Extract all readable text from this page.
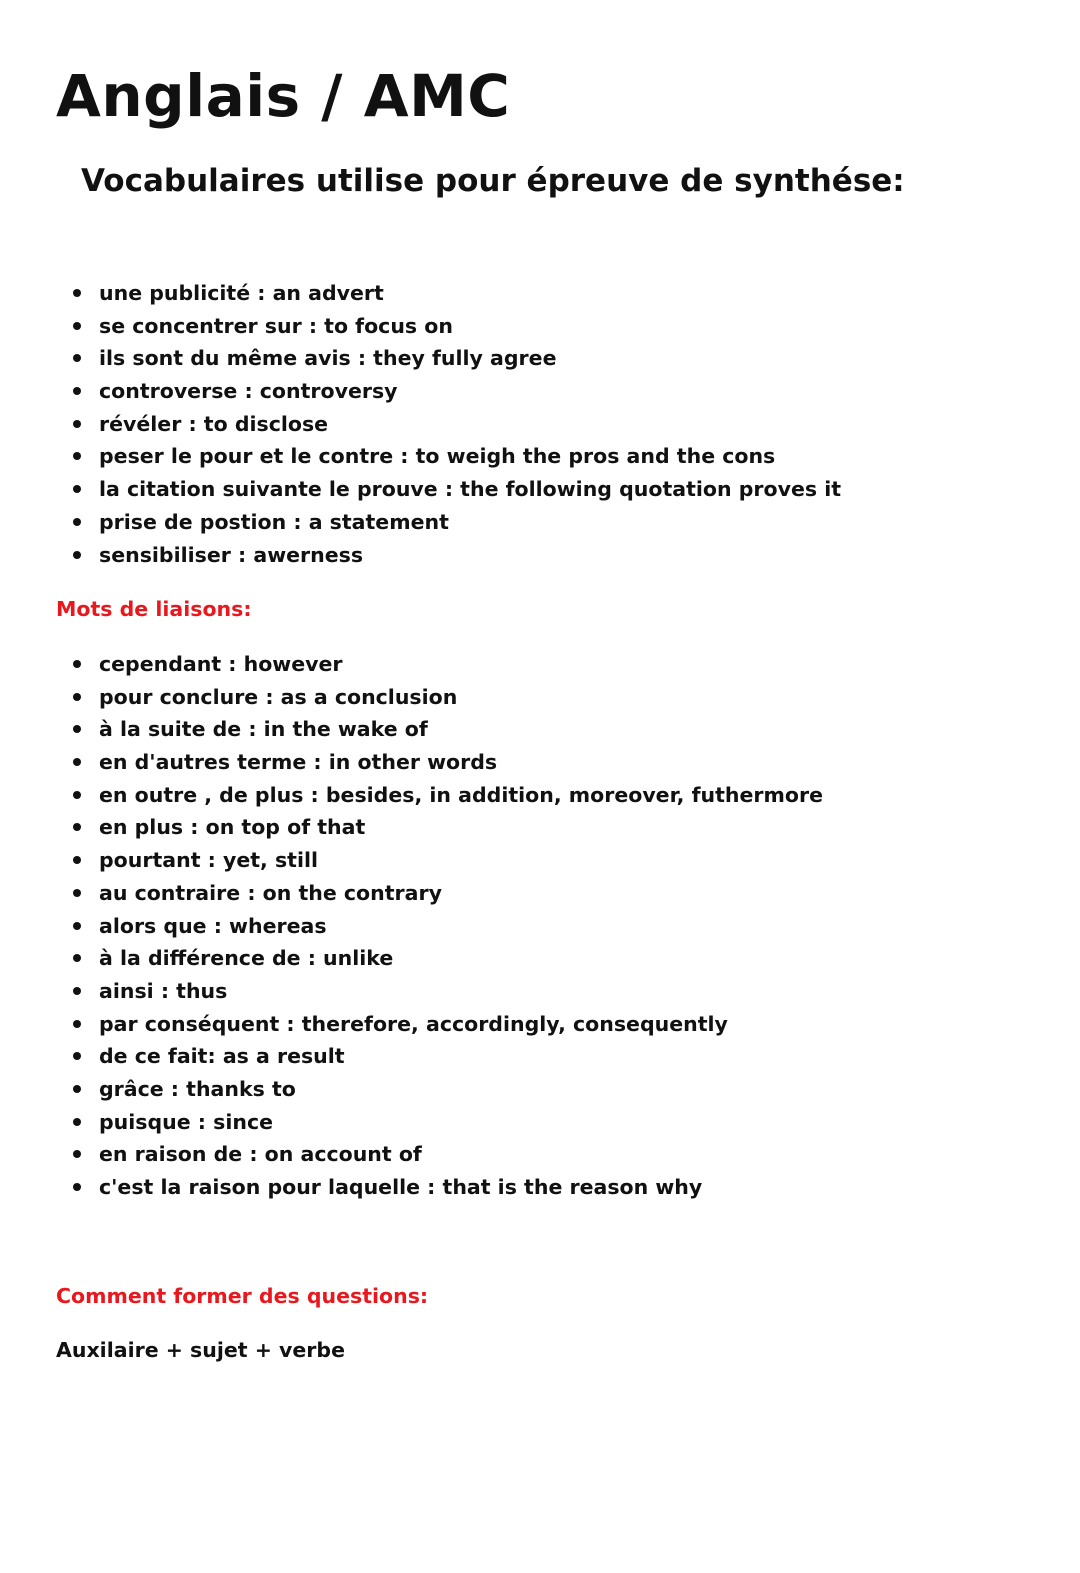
Anglais / AMC
Vocabulaires utilise pour épreuve de synthése:
une publicité : an advert
se concentrer sur : to focus on
ils sont du même avis : they fully agree
controverse : controversy
révéler : to disclose
peser le pour et le contre : to weigh the pros and the cons
la citation suivante le prouve : the following quotation proves it
prise de postion : a statement
sensibiliser : awerness
Mots de liaisons:
cependant : however
pour conclure : as a conclusion
à la suite de : in the wake of
en d'autres terme : in other words
en outre , de plus : besides, in addition, moreover, futhermore
en plus : on top of that
pourtant : yet, still
au contraire : on the contrary
alors que : whereas
à la différence de : unlike
ainsi : thus
par conséquent : therefore, accordingly, consequently
de ce fait: as a result
grâce : thanks to
puisque : since
en raison de : on account of
c'est la raison pour laquelle : that is the reason why
Comment former des questions:

Auxilaire + sujet + verbe
